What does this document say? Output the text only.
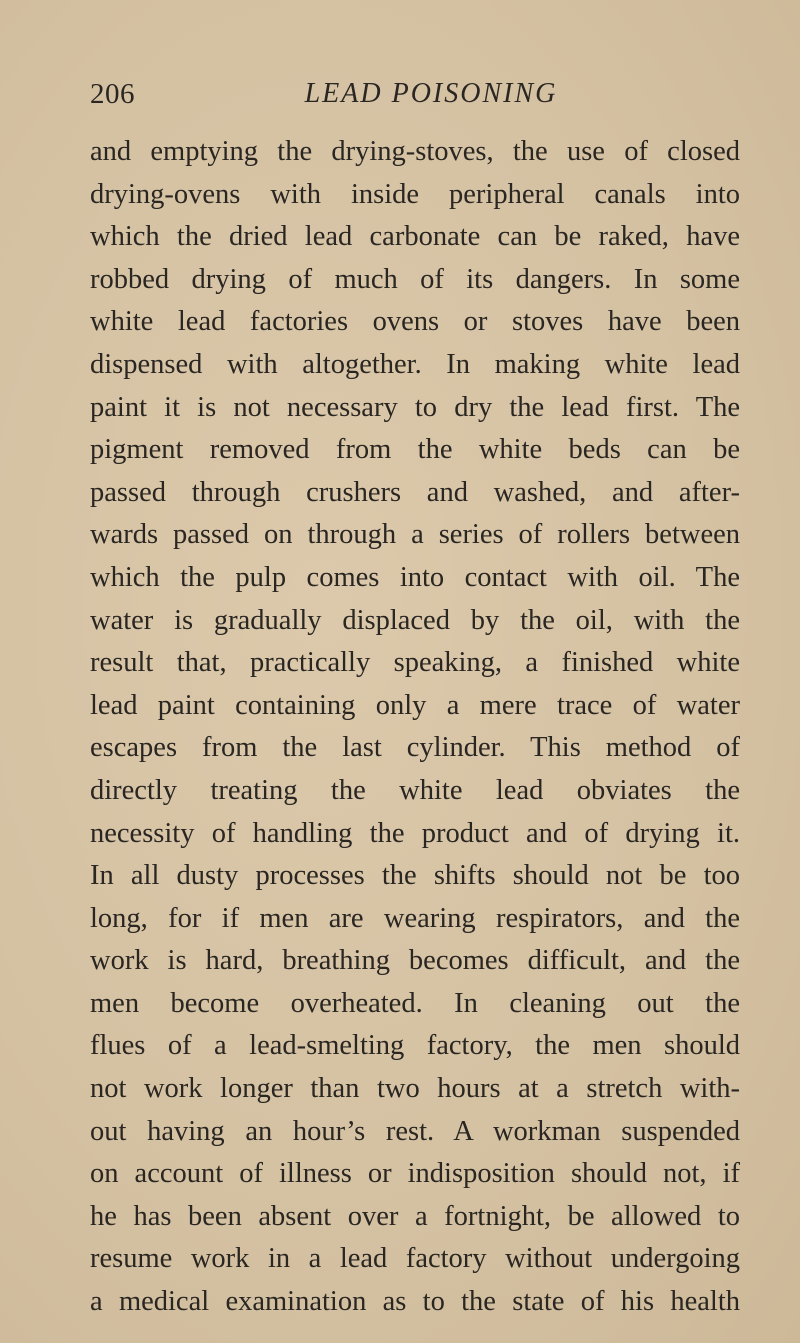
206	LEAD POISONING
and emptying the drying-stoves, the use of closed
drying-ovens with inside peripheral canals into
which the dried lead carbonate can be raked, have
robbed drying of much of its dangers. In some
white lead factories ovens or stoves have been
dispensed with altogether. In making white lead
paint it is not necessary to dry the lead first. The
pigment removed from the white beds can be
passed through crushers and washed, and after-
wards passed on through a series of rollers between
which the pulp comes into contact with oil. The
water is gradually displaced by the oil, with the
result that, practically speaking, a finished white
lead paint containing only a mere trace of water
escapes from the last cylinder. This method of
directly treating the white lead obviates the
necessity of handling the product and of drying it.
In all dusty processes the shifts should not be too
long, for if men are wearing respirators, and the
work is hard, breathing becomes difficult, and the
men become overheated. In cleaning out the
flues of a lead-smelting factory, the men should
not work longer than two hours at a stretch with-
out having an hour’s rest. A workman suspended
on account of illness or indisposition should not, if
he has been absent over a fortnight, be allowed to
resume work in a lead factory without undergoing
a medical examination as to the state of his health
